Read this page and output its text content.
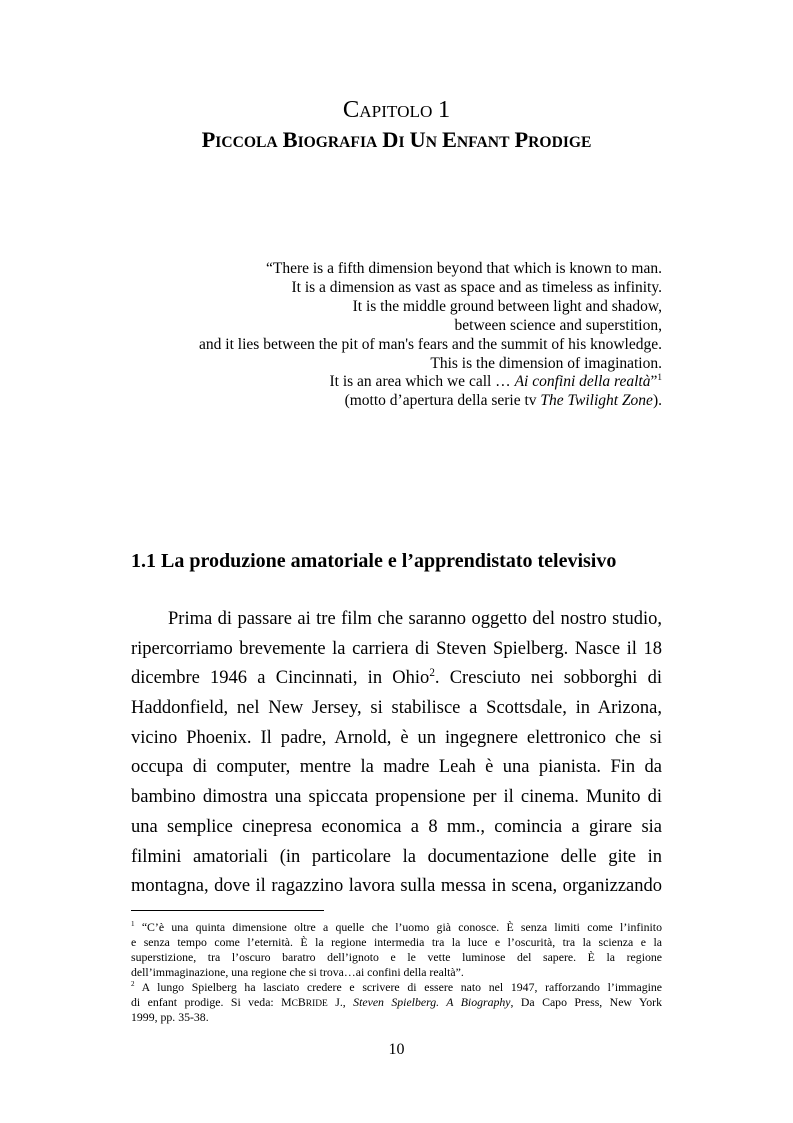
CAPITOLO 1
PICCOLA BIOGRAFIA DI UN ENFANT PRODIGE
“There is a fifth dimension beyond that which is known to man.
It is a dimension as vast as space and as timeless as infinity.
It is the middle ground between light and shadow,
between science and superstition,
and it lies between the pit of man's fears and the summit of his knowledge.
This is the dimension of imagination.
It is an area which we call … Ai confini della realtà”$^1$
(motto d’apertura della serie tv The Twilight Zone).
1.1 La produzione amatoriale e l’apprendistato televisivo
Prima di passare ai tre film che saranno oggetto del nostro studio,
ripercorriamo brevemente la carriera di Steven Spielberg. Nasce il 18
dicembre 1946 a Cincinnati, in Ohio$^2$. Cresciuto nei sobborghi di
Haddonfield, nel New Jersey, si stabilisce a Scottsdale, in Arizona,
vicino Phoenix. Il padre, Arnold, è un ingegnere elettronico che si
occupa di computer, mentre la madre Leah è una pianista. Fin da
bambino dimostra una spiccata propensione per il cinema. Munito di
una semplice cinepresa economica a 8 mm., comincia a girare sia
filmini amatoriali (in particolare la documentazione delle gite in
montagna, dove il ragazzino lavora sulla messa in scena, organizzando
$^1$ “C’è una quinta dimensione oltre a quelle che l’uomo già conosce. È senza limiti come l’infinito
e senza tempo come l’eternità. È la regione intermedia tra la luce e l’oscurità, tra la scienza e la
superstizione, tra l’oscuro baratro dell’ignoto e le vette luminose del sapere. È la regione
dell’immaginazione, una regione che si trova…ai confini della realtà”.
$^2$ A lungo Spielberg ha lasciato credere e scrivere di essere nato nel 1947, rafforzando l’immagine
di enfant prodige. Si veda: MCBRIDE J., Steven Spielberg. A Biography, Da Capo Press, New York
1999, pp. 35-38.
10
